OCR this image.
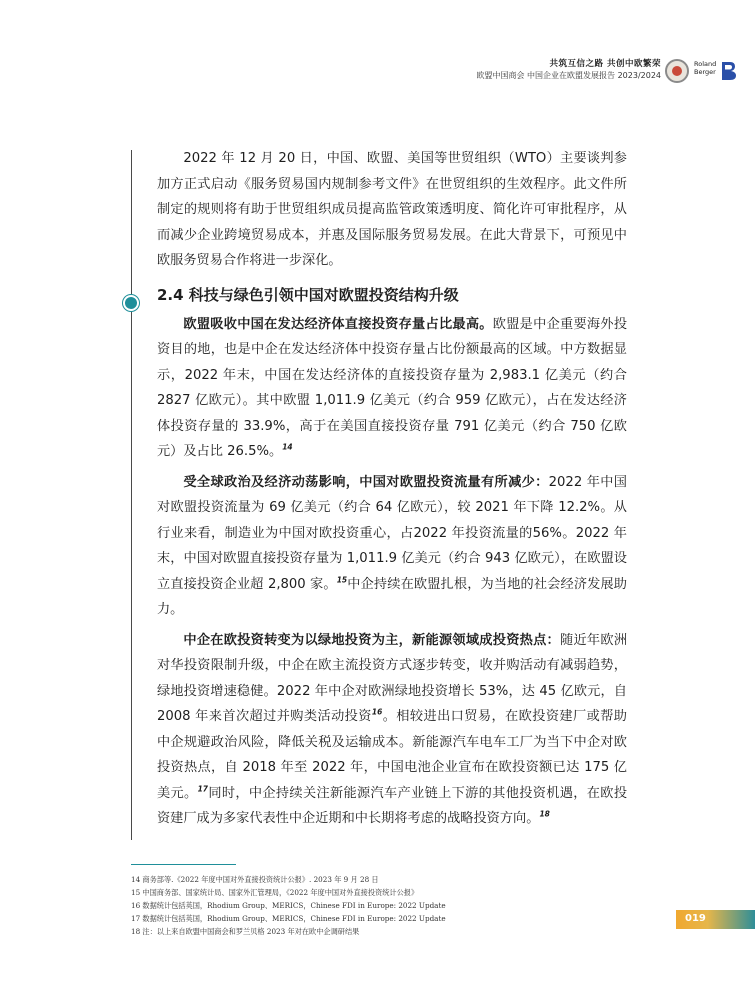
共筑互信之路 共创中欧繁荣
欧盟中国商会 中国企业在欧盟发展报告 2023/2024
Roland
Berger

2022 年 12 月 20 日，中国、欧盟、美国等世贸组织（WTO）主要谈判参加方正式启动《服务贸易国内规制参考文件》在世贸组织的生效程序。此文件所制定的规则将有助于世贸组织成员提高监管政策透明度、简化许可审批程序，从而减少企业跨境贸易成本，并惠及国际服务贸易发展。在此大背景下，可预见中欧服务贸易合作将进一步深化。

2.4 科技与绿色引领中国对欧盟投资结构升级

欧盟吸收中国在发达经济体直接投资存量占比最高。欧盟是中企重要海外投资目的地，也是中企在发达经济体中投资存量占比份额最高的区域。中方数据显示，2022 年末，中国在发达经济体的直接投资存量为 2,983.1 亿美元（约合 2827 亿欧元）。其中欧盟 1,011.9 亿美元（约合 959 亿欧元），占在发达经济体投资存量的 33.9%，高于在美国直接投资存量 791 亿美元（约合 750 亿欧元）及占比 26.5%。$^{14}$

受全球政治及经济动荡影响，中国对欧盟投资流量有所减少：2022 年中国对欧盟投资流量为 69 亿美元（约合 64 亿欧元），较 2021 年下降 12.2%。从行业来看，制造业为中国对欧投资重心，占2022 年投资流量的56%。2022 年末，中国对欧盟直接投资存量为 1,011.9 亿美元（约合 943 亿欧元），在欧盟设立直接投资企业超 2,800 家。$^{15}$中企持续在欧盟扎根，为当地的社会经济发展助力。

中企在欧投资转变为以绿地投资为主，新能源领域成投资热点：随近年欧洲对华投资限制升级，中企在欧主流投资方式逐步转变，收并购活动有减弱趋势，绿地投资增速稳健。2022 年中企对欧洲绿地投资增长 53%，达 45 亿欧元，自 2008 年来首次超过并购类活动投资$^{16}$。相较进出口贸易，在欧投资建厂或帮助中企规避政治风险，降低关税及运输成本。新能源汽车电车工厂为当下中企对欧投资热点，自 2018 年至 2022 年，中国电池企业宣布在欧投资额已达 175 亿美元。$^{17}$同时，中企持续关注新能源汽车产业链上下游的其他投资机遇，在欧投资建厂成为多家代表性中企近期和中长期将考虑的战略投资方向。$^{18}$

14 商务部等.《2022 年度中国对外直接投资统计公报》. 2023 年 9 月 28 日
15 中国商务部、国家统计局、国家外汇管理局，《2022 年度中国对外直接投资统计公报》
16 数据统计包括英国，Rhodium Group、MERICS，Chinese FDI in Europe: 2022 Update
17 数据统计包括英国，Rhodium Group、MERICS，Chinese FDI in Europe: 2022 Update
18 注：以上来自欧盟中国商会和罗兰贝格 2023 年对在欧中企调研结果
019
